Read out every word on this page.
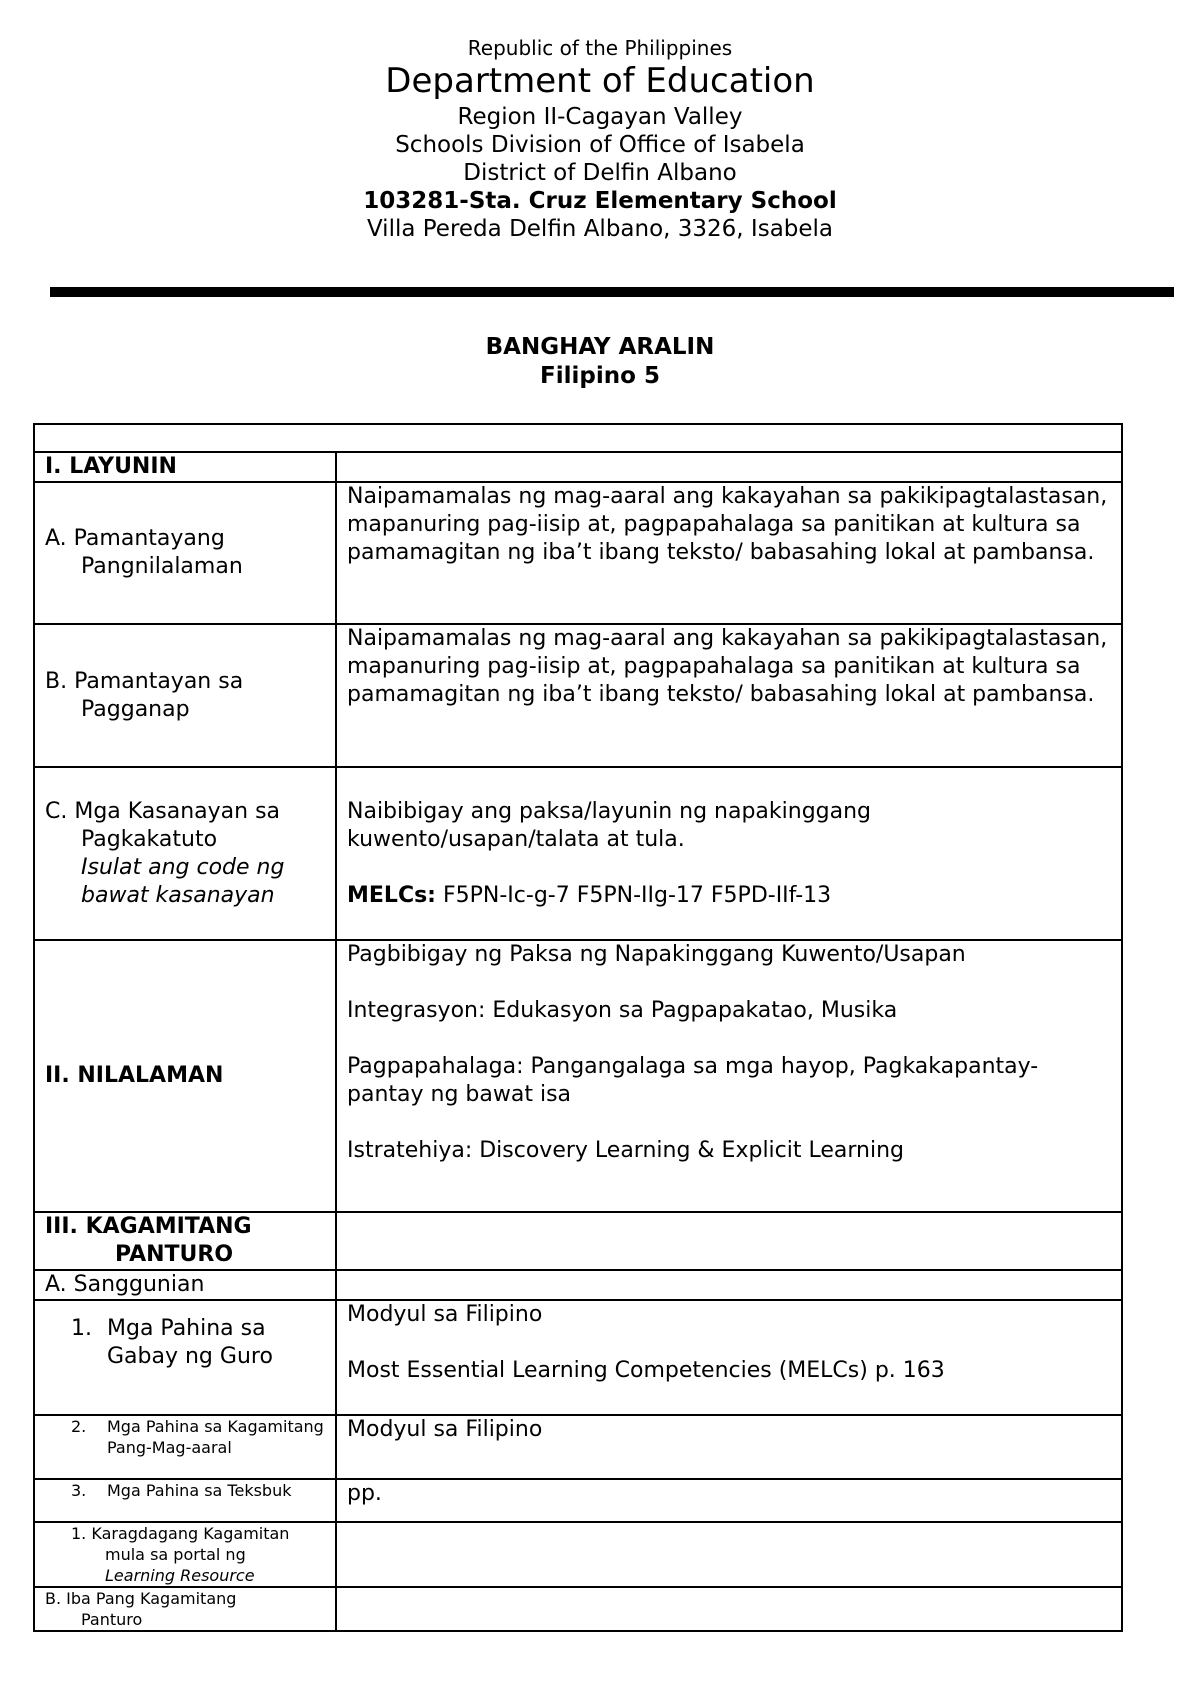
Republic of the Philippines

Department of Education

Region II-Cagayan Valley

Schools Division of Office of Isabela

District of Delfin Albano

103281-Sta. Cruz Elementary School

Villa Pereda Delfin Albano, 3326, Isabela

BANGHAY ARALIN
Filipino 5

I. LAYUNIN	
A. Pamantayang

Pangnilalaman	Naipamamalas ng mag-aaral ang kakayahan sa pakikipagtalastasan, mapanuring pag-iisip at, pagpapahalaga sa panitikan at kultura sa pamamagitan ng iba’t ibang teksto/ babasahing lokal at pambansa.
B. Pamantayan sa

Pagganap	Naipamamalas ng mag-aaral ang kakayahan sa pakikipagtalastasan, mapanuring pag-iisip at, pagpapahalaga sa panitikan at kultura sa pamamagitan ng iba’t ibang teksto/ babasahing lokal at pambansa.
C. Mga Kasanayan sa

Pagkakatuto
Isulat ang code ng
bawat kasanayan	Naibibigay ang paksa/layunin ng napakinggang kuwento/usapan/talata at tula.
MELCs: F5PN-Ic-g-7 F5PN-IIg-17 F5PD-IIf-13
II. NILALAMAN	Pagbibigay ng Paksa ng Napakinggang Kuwento/Usapan
Integrasyon: Edukasyon sa Pagpapakatao, Musika
Pagpapahalaga: Pangangalaga sa mga hayop, Pagkakapantay-pantay ng bawat isa
Istratehiya: Discovery Learning & Explicit Learning
III. KAGAMITANG
PANTURO	
A. Sanggunian	

1. Mga Pahina sa Gabay ng Guro	Modyul sa Filipino
Most Essential Learning Competencies (MELCs) p. 163

2. Mga Pahina sa Kagamitang Pang-Mag-aaral	Modyul sa Filipino

3. Mga Pahina sa Teksbuk	pp.
1. Karagdagang Kagamitan
mula sa portal ng
Learning Resource	
B. Iba Pang Kagamitang
Panturo	
